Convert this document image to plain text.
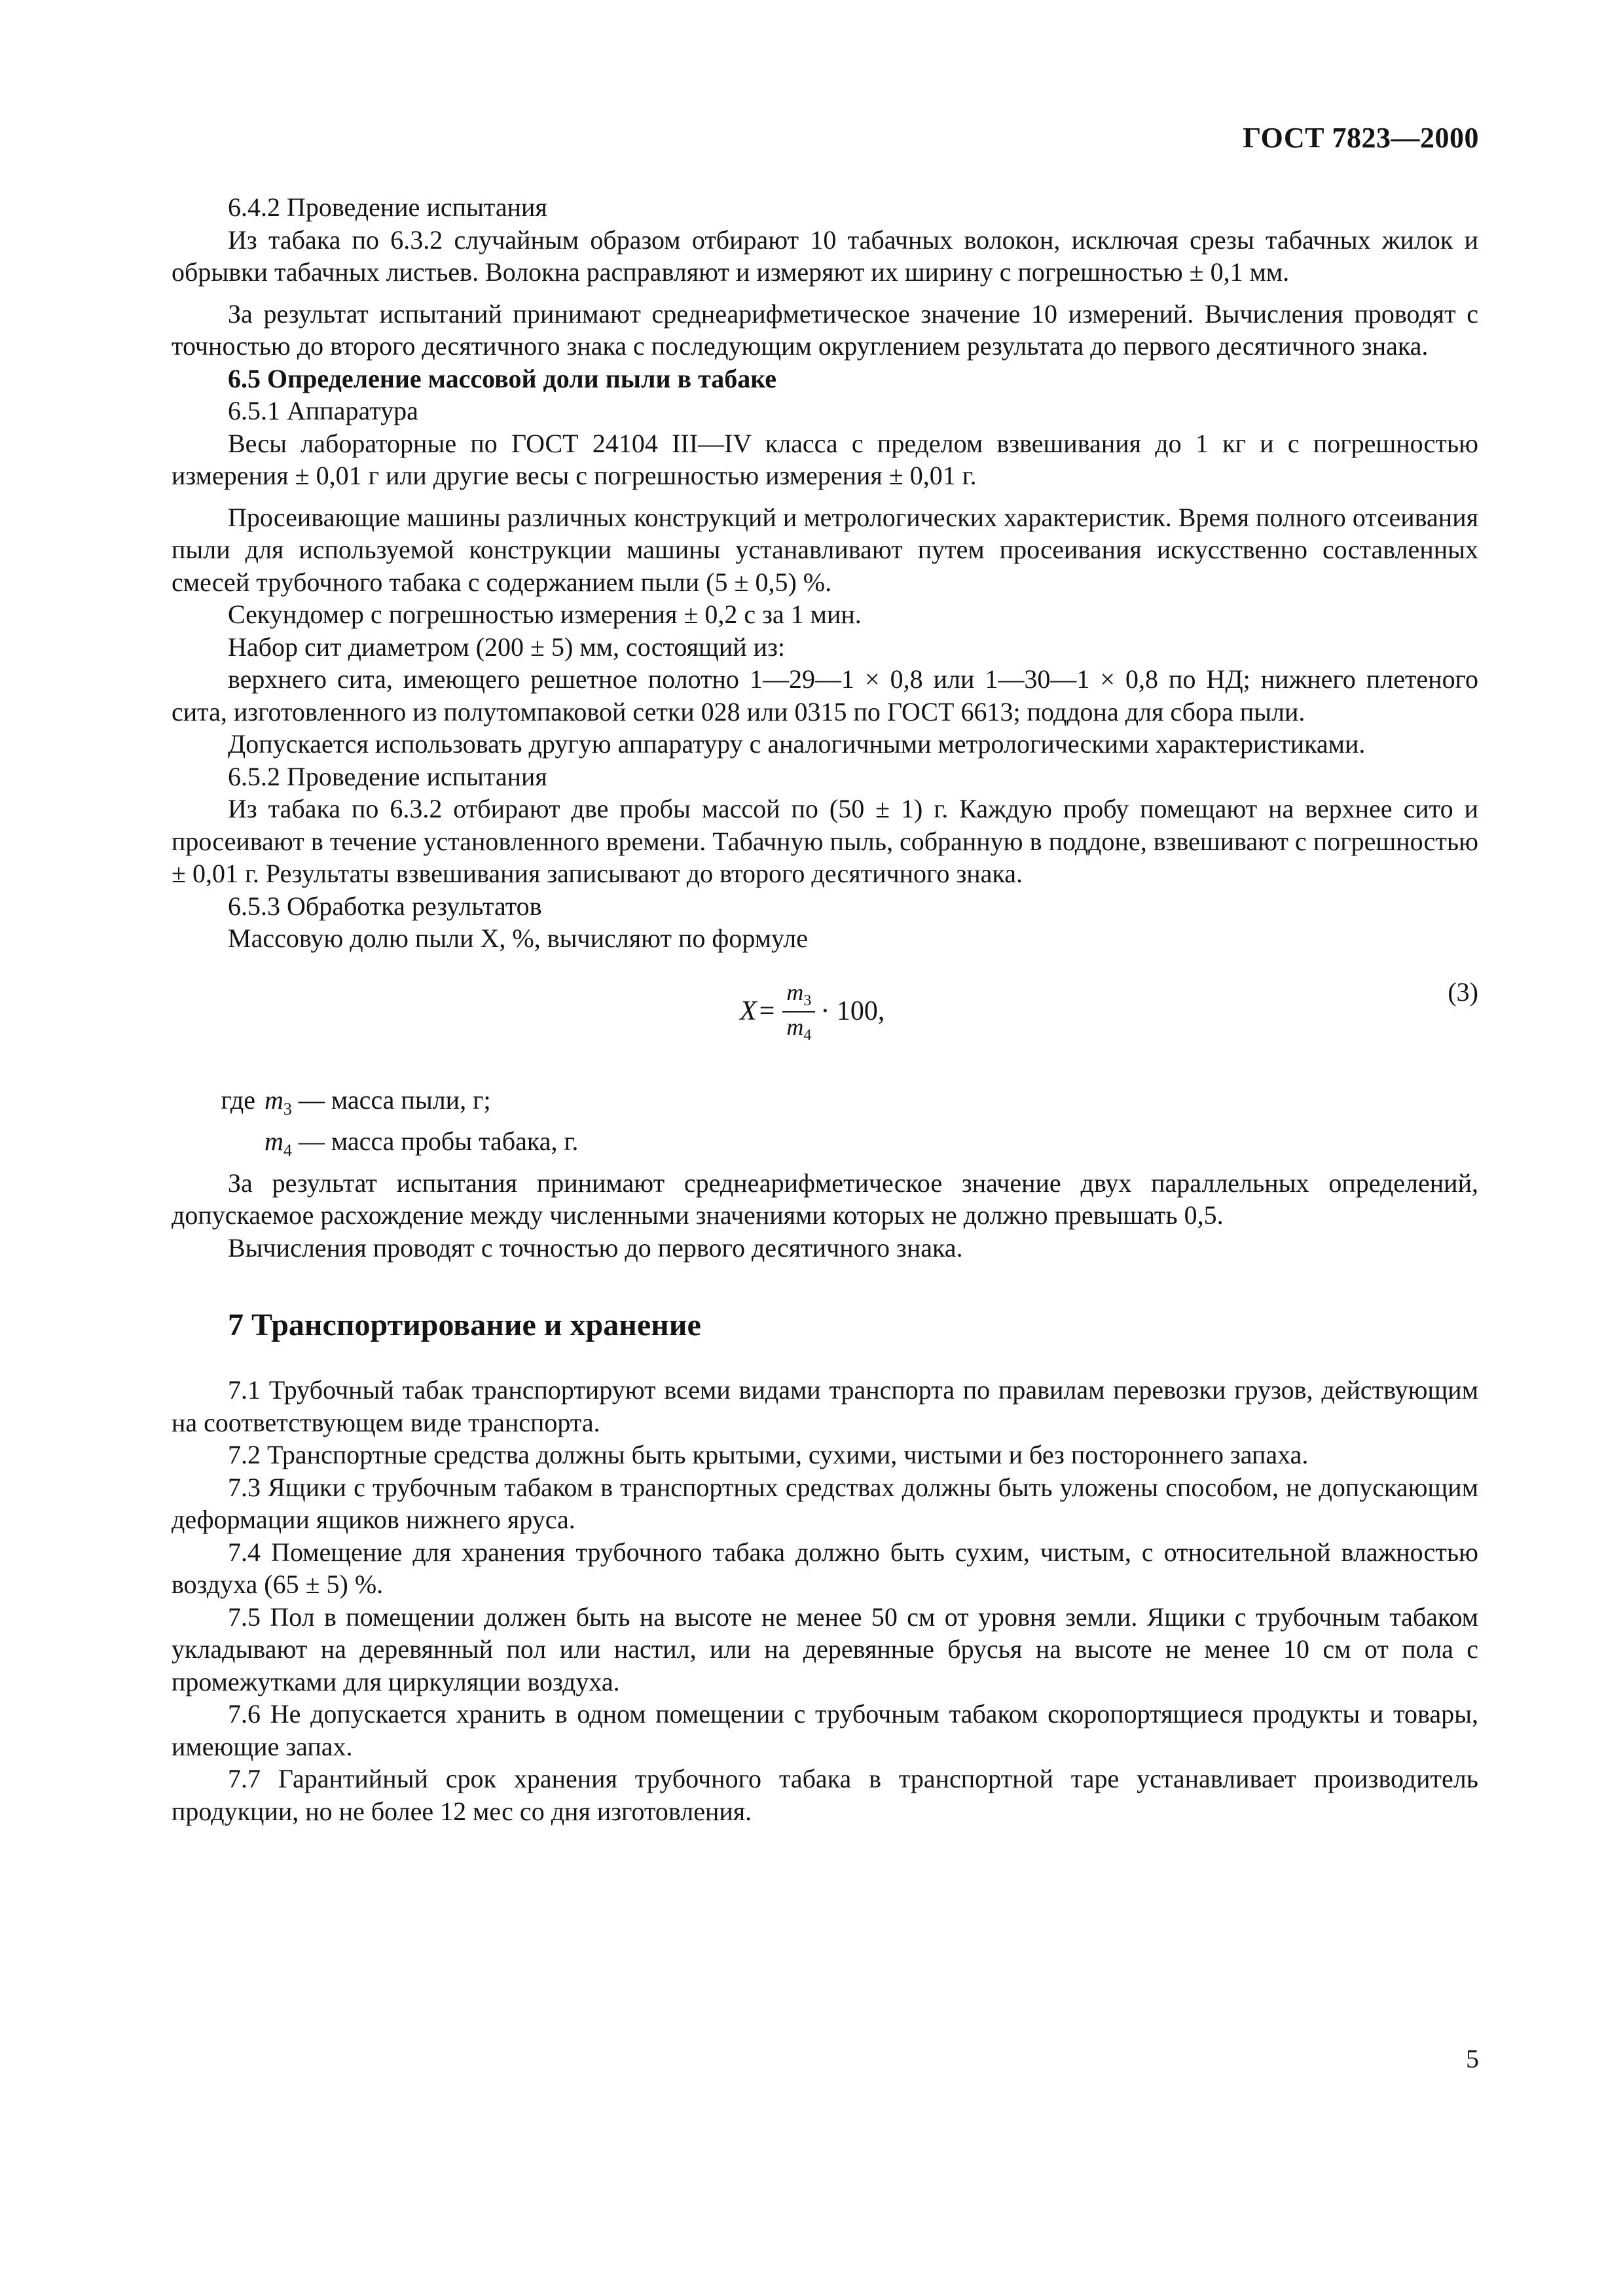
ГОСТ 7823—2000

6.4.2 Проведение испытания

Из табака по 6.3.2 случайным образом отбирают 10 табачных волокон, исключая срезы табачных жилок и обрывки табачных листьев. Волокна расправляют и измеряют их ширину с погрешностью ± 0,1 мм.

За результат испытаний принимают среднеарифметическое значение 10 измерений. Вычисления проводят с точностью до второго десятичного знака с последующим округлением результата до первого десятичного знака.

6.5 Определение массовой доли пыли в табаке

6.5.1 Аппаратура

Весы лабораторные по ГОСТ 24104 III—IV класса с пределом взвешивания до 1 кг и с погрешностью измерения ± 0,01 г или другие весы с погрешностью измерения ± 0,01 г.

Просеивающие машины различных конструкций и метрологических характеристик. Время полного отсеивания пыли для используемой конструкции машины устанавливают путем просеивания искусственно составленных смесей трубочного табака с содержанием пыли (5 ± 0,5) %.

Секундомер с погрешностью измерения ± 0,2 с за 1 мин.

Набор сит диаметром (200 ± 5) мм, состоящий из:

верхнего сита, имеющего решетное полотно 1—29—1 × 0,8 или 1—30—1 × 0,8 по НД; нижнего плетеного сита, изготовленного из полутомпаковой сетки 028 или 0315 по ГОСТ 6613; поддона для сбора пыли.

Допускается использовать другую аппаратуру с аналогичными метрологическими характеристиками.

6.5.2 Проведение испытания

Из табака по 6.3.2 отбирают две пробы массой по (50 ± 1) г. Каждую пробу помещают на верхнее сито и просеивают в течение установленного времени. Табачную пыль, собранную в поддоне, взвешивают с погрешностью ± 0,01 г. Результаты взвешивания записывают до второго десятичного знака.

6.5.3 Обработка результатов

Массовую долю пыли X, %, вычисляют по формуле

$X = \frac{m_3}{m_4} \cdot 100$,
(3)

где $m_3$ — масса пыли, г;

$m_4$ — масса пробы табака, г.

За результат испытания принимают среднеарифметическое значение двух параллельных определений, допускаемое расхождение между численными значениями которых не должно превышать 0,5.

Вычисления проводят с точностью до первого десятичного знака.

7 Транспортирование и хранение

7.1 Трубочный табак транспортируют всеми видами транспорта по правилам перевозки грузов, действующим на соответствующем виде транспорта.

7.2 Транспортные средства должны быть крытыми, сухими, чистыми и без постороннего запаха.

7.3 Ящики с трубочным табаком в транспортных средствах должны быть уложены способом, не допускающим деформации ящиков нижнего яруса.

7.4 Помещение для хранения трубочного табака должно быть сухим, чистым, с относительной влажностью воздуха (65 ± 5) %.

7.5 Пол в помещении должен быть на высоте не менее 50 см от уровня земли. Ящики с трубочным табаком укладывают на деревянный пол или настил, или на деревянные брусья на высоте не менее 10 см от пола с промежутками для циркуляции воздуха.

7.6 Не допускается хранить в одном помещении с трубочным табаком скоропортящиеся продукты и товары, имеющие запах.

7.7 Гарантийный срок хранения трубочного табака в транспортной таре устанавливает производитель продукции, но не более 12 мес со дня изготовления.

5
